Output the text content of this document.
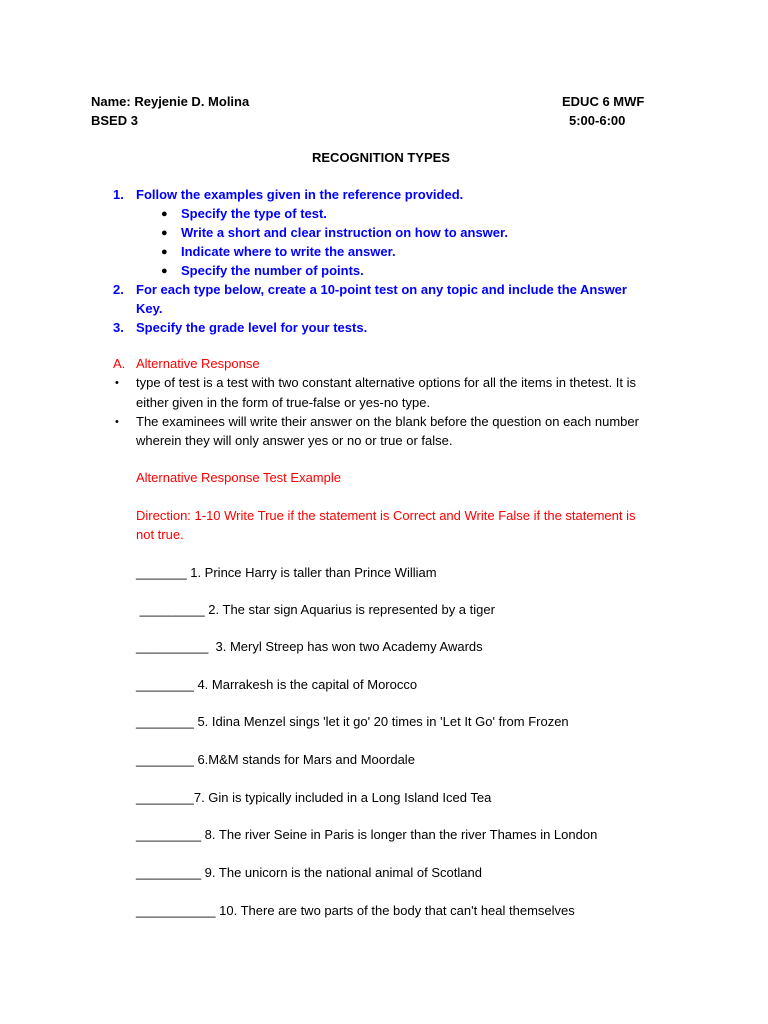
Name: Reyjenie D. Molina	EDUC 6 MWF
BSED 3	5:00-6:00
RECOGNITION TYPES
1. Follow the examples given in the reference provided.
● Specify the type of test.
● Write a short and clear instruction on how to answer.
● Indicate where to write the answer.
● Specify the number of points.
2. For each type below, create a 10-point test on any topic and include the Answer
Key.
3. Specify the grade level for your tests.
A. Alternative Response
• type of test is a test with two constant alternative options for all the items in thetest. It is
either given in the form of true-false or yes-no type.
• The examinees will write their answer on the blank before the question on each number
wherein they will only answer yes or no or true or false.
Alternative Response Test Example
Direction: 1-10 Write True if the statement is Correct and Write False if the statement is
not true.
_______ 1. Prince Harry is taller than Prince William
_________ 2. The star sign Aquarius is represented by a tiger
__________  3. Meryl Streep has won two Academy Awards
________ 4. Marrakesh is the capital of Morocco
________ 5. Idina Menzel sings 'let it go' 20 times in 'Let It Go' from Frozen
________ 6.M&M stands for Mars and Moordale
________7. Gin is typically included in a Long Island Iced Tea
_________ 8. The river Seine in Paris is longer than the river Thames in London
_________ 9. The unicorn is the national animal of Scotland
___________ 10. There are two parts of the body that can't heal themselves
